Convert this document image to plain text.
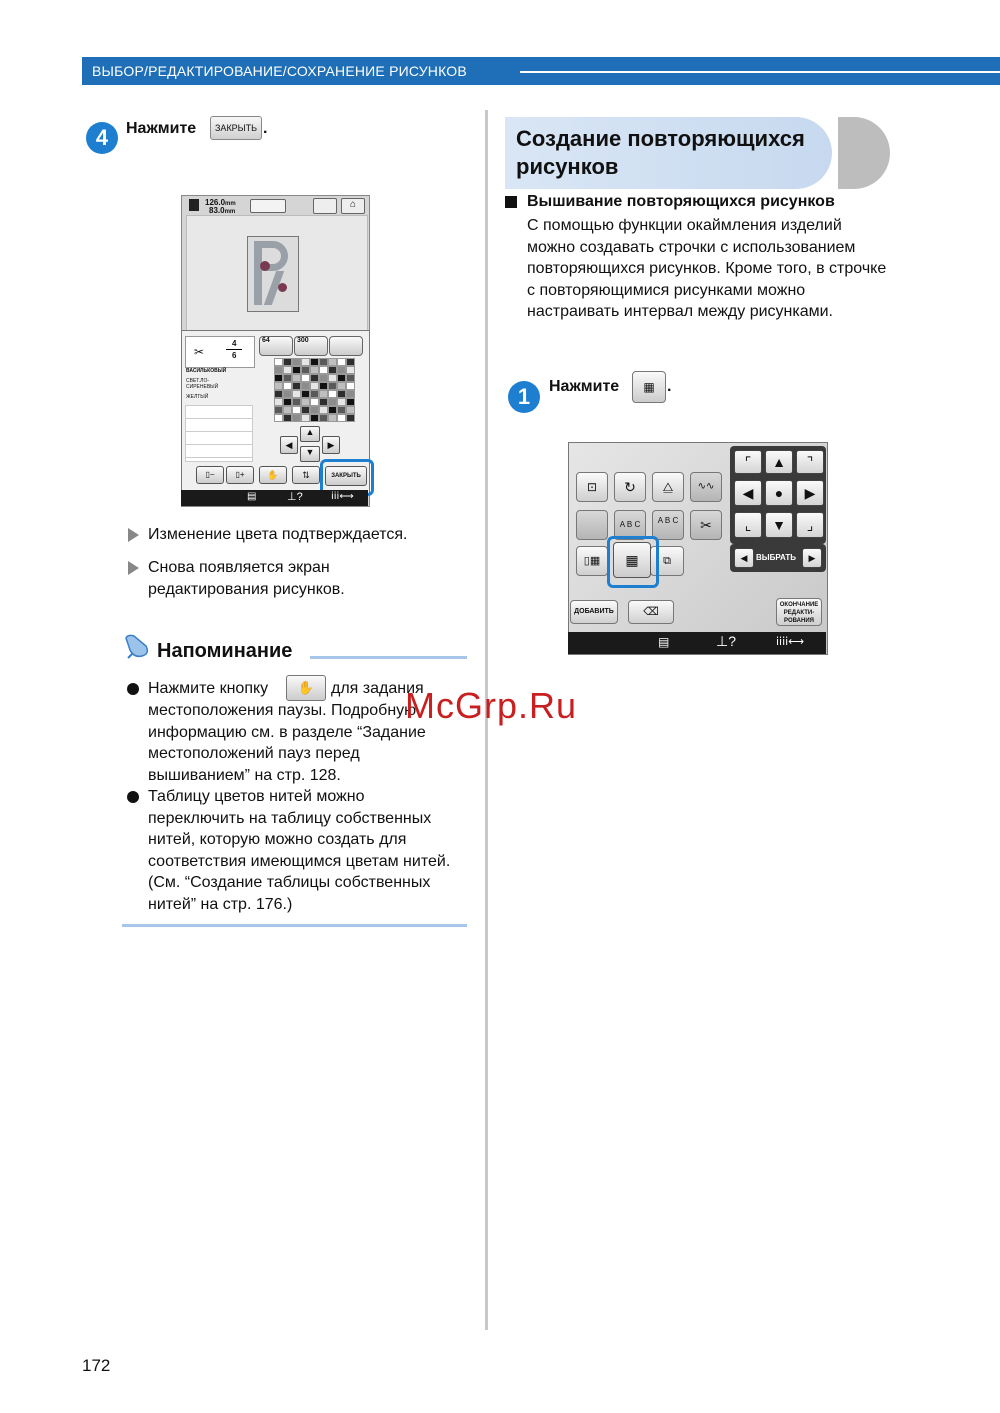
ВЫБОР/РЕДАКТИРОВАНИЕ/СОХРАНЕНИЕ РИСУНКОВ
4	Нажмите	ЗАКРЫТЬ .
126.0mm
83.0mm
⌂
✂
4
6
ВАСИЛЬКОВЫЙ
СВЕТ.ЛО-СИРЕНЕВЫЙ
ЖЕЛТЫЙ
64	300
▲
◀	▶
▼
▯−	▯+	✋	⇅	ЗАКРЫТЬ
▤	⊥?	ⅰⅰⅰ⟷
Изменение цвета подтверждается.
Снова появляется экран редактирования рисунков.
Напоминание
Нажмите кнопку	✋	для задания
местоположения паузы. Подробную информацию см. в разделе “Задание местоположений пауз перед вышиванием” на стр. 128.
Таблицу цветов нитей можно переключить на таблицу собственных нитей, которую можно создать для соответствия имеющимся цветам нитей. (См. “Создание таблицы собственных нитей” на стр. 176.)
Создание повторяющихся
рисунков
Вышивание повторяющихся рисунков
С помощью функции окаймления изделий можно создавать строчки с использованием повторяющихся рисунков. Кроме того, в строчке с повторяющимися рисунками можно настраивать интервал между рисунками.
1	Нажмите	▦ .
⊡	↻	⧋	∿∿
A B C	A B C	✂
▯▦	⧉
ДОБАВИТЬ	⌫
ОКОНЧАНИЕ РЕДАКТИ-РОВАНИЯ
▦
⌜	▲	⌝
◀	●	▶
⌞	▼	⌟
◀	ВЫБРАТЬ	▶
▤	⊥?	ⅰⅰⅰⅰ⟷
McGrp.Ru
172
